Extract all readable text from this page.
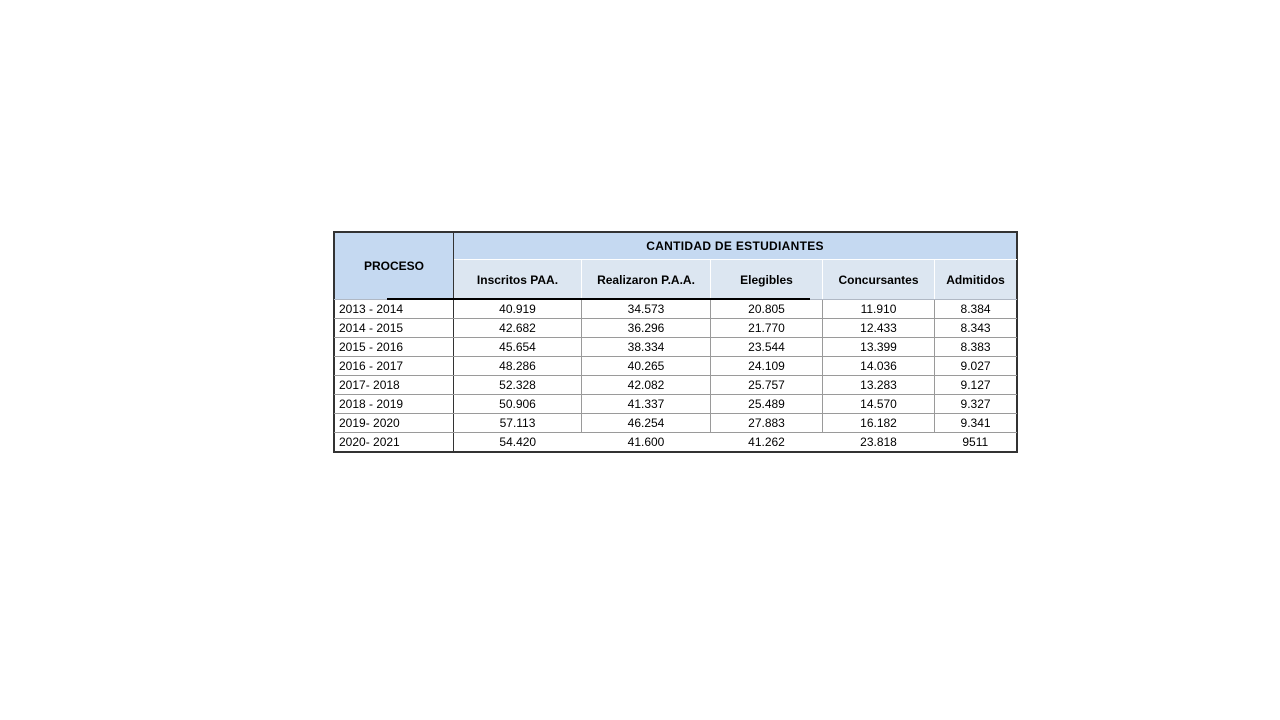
PROCESO	CANTIDAD DE ESTUDIANTES				
	Inscritos PAA.	Realizaron P.A.A.	Elegibles	Concursantes	Admitidos
2013 - 2014	40.919	34.573	20.805	11.910	8.384
2014 - 2015	42.682	36.296	21.770	12.433	8.343
2015 - 2016	45.654	38.334	23.544	13.399	8.383
2016 - 2017	48.286	40.265	24.109	14.036	9.027
2017- 2018	52.328	42.082	25.757	13.283	9.127
2018 - 2019	50.906	41.337	25.489	14.570	9.327
2019- 2020	57.113	46.254	27.883	16.182	9.341
2020- 2021	54.420	41.600	41.262	23.818	9511
